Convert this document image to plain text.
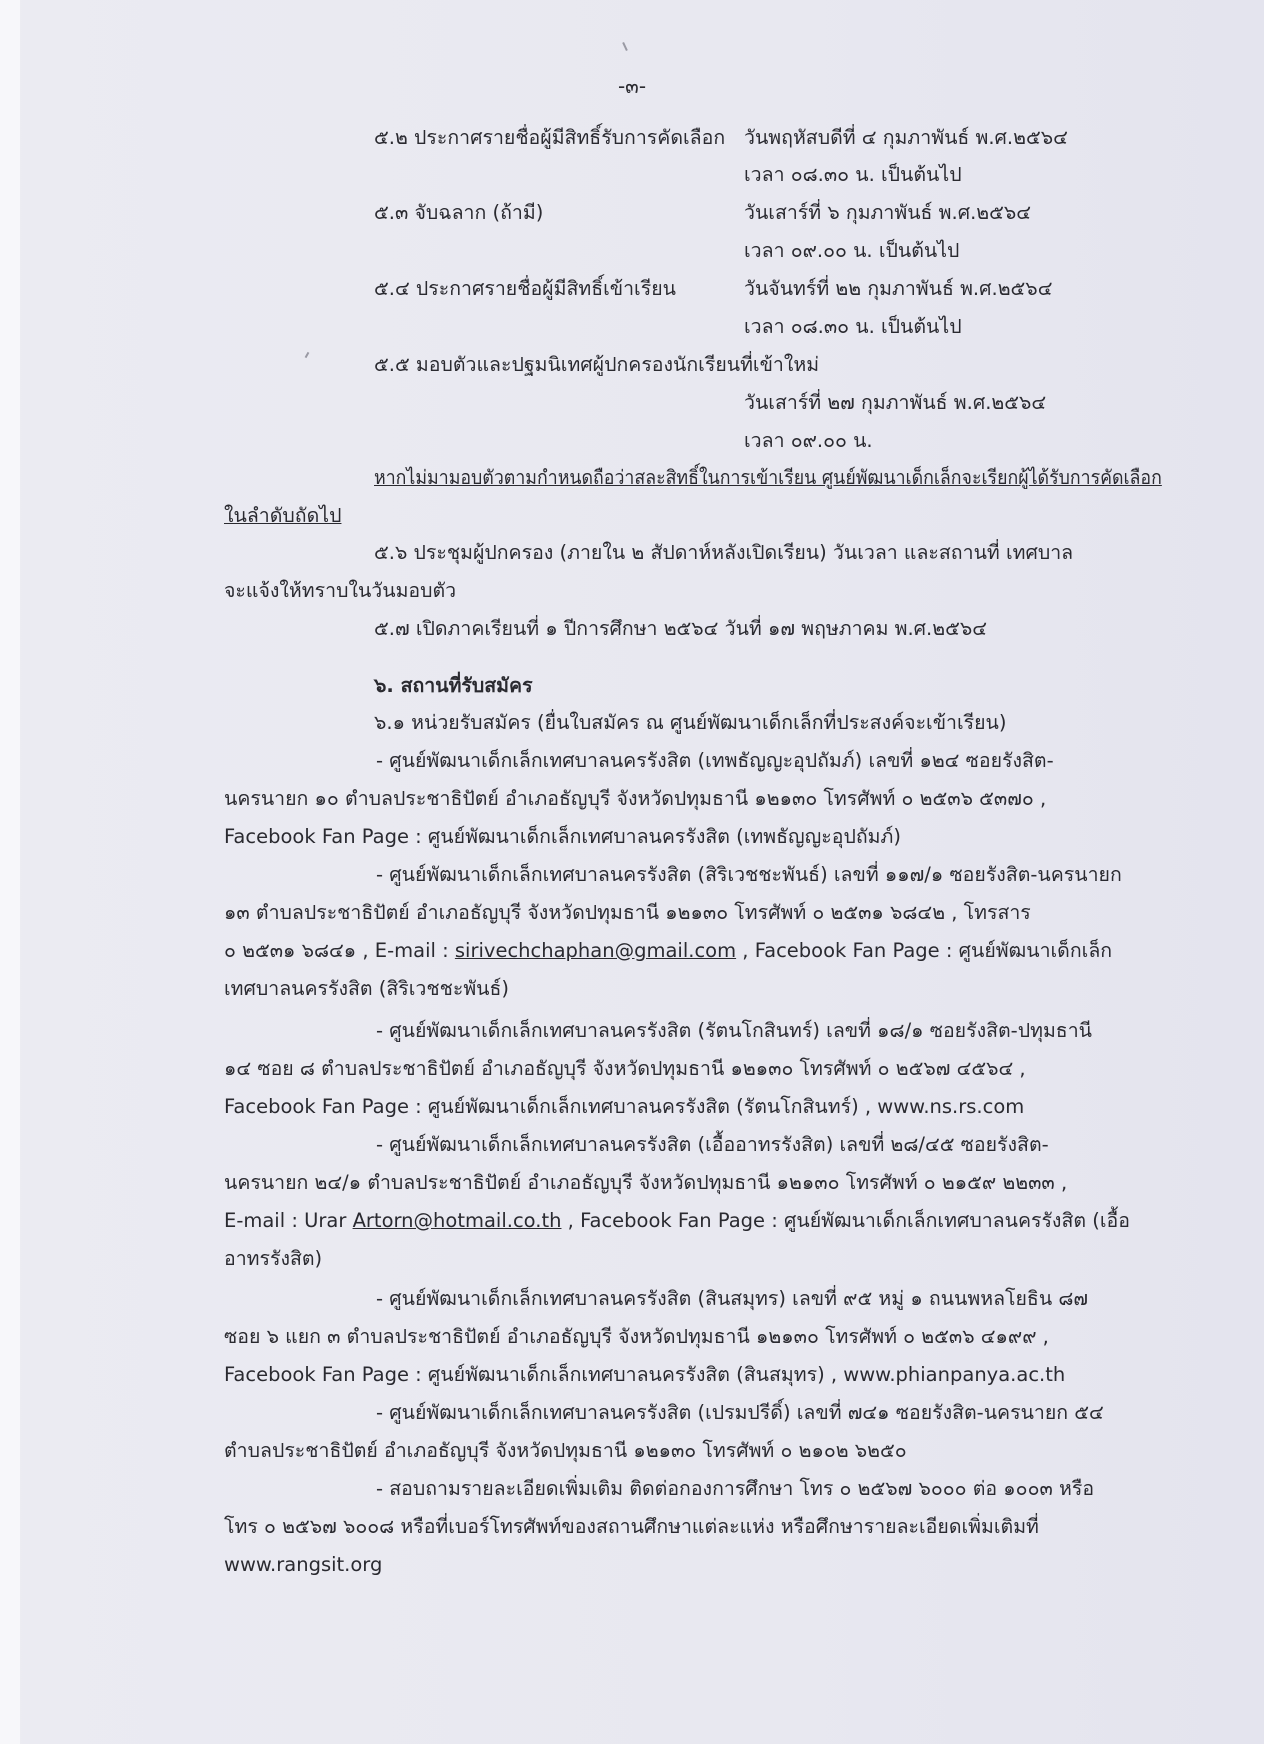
-๓-
๕.๒ ประกาศรายชื่อผู้มีสิทธิ์รับการคัดเลือก วันพฤหัสบดีที่ ๔ กุมภาพันธ์ พ.ศ.๒๕๖๔
เวลา ๐๘.๓๐ น. เป็นต้นไป
๕.๓ จับฉลาก (ถ้ามี)	วันเสาร์ที่ ๖ กุมภาพันธ์ พ.ศ.๒๕๖๔
เวลา ๐๙.๐๐ น. เป็นต้นไป
๕.๔ ประกาศรายชื่อผู้มีสิทธิ์เข้าเรียน	วันจันทร์ที่ ๒๒ กุมภาพันธ์ พ.ศ.๒๕๖๔
เวลา ๐๘.๓๐ น. เป็นต้นไป
๕.๕ มอบตัวและปฐมนิเทศผู้ปกครองนักเรียนที่เข้าใหม่
วันเสาร์ที่ ๒๗ กุมภาพันธ์ พ.ศ.๒๕๖๔
เวลา ๐๙.๐๐ น.
หากไม่มามอบตัวตามกำหนดถือว่าสละสิทธิ์ในการเข้าเรียน ศูนย์พัฒนาเด็กเล็กจะเรียกผู้ได้รับการคัดเลือก
ในลำดับถัดไป
๕.๖ ประชุมผู้ปกครอง (ภายใน ๒ สัปดาห์หลังเปิดเรียน) วันเวลา และสถานที่ เทศบาล
จะแจ้งให้ทราบในวันมอบตัว
๕.๗ เปิดภาคเรียนที่ ๑ ปีการศึกษา ๒๕๖๔ วันที่ ๑๗ พฤษภาคม พ.ศ.๒๕๖๔
๖. สถานที่รับสมัคร
๖.๑ หน่วยรับสมัคร (ยื่นใบสมัคร ณ ศูนย์พัฒนาเด็กเล็กที่ประสงค์จะเข้าเรียน)
- ศูนย์พัฒนาเด็กเล็กเทศบาลนครรังสิต (เทพธัญญะอุปถัมภ์) เลขที่ ๑๒๔ ซอยรังสิต-
นครนายก ๑๐ ตำบลประชาธิปัตย์ อำเภอธัญบุรี จังหวัดปทุมธานี ๑๒๑๓๐ โทรศัพท์ ๐ ๒๕๓๖ ๕๓๗๐ ,
Facebook Fan Page : ศูนย์พัฒนาเด็กเล็กเทศบาลนครรังสิต (เทพธัญญะอุปถัมภ์)
- ศูนย์พัฒนาเด็กเล็กเทศบาลนครรังสิต (สิริเวชชะพันธ์) เลขที่ ๑๑๗/๑ ซอยรังสิต-นครนายก
๑๓ ตำบลประชาธิปัตย์ อำเภอธัญบุรี จังหวัดปทุมธานี ๑๒๑๓๐ โทรศัพท์ ๐ ๒๕๓๑ ๖๘๔๒ , โทรสาร
๐ ๒๕๓๑ ๖๘๔๑ , E-mail : sirivechchaphan@gmail.com , Facebook Fan Page : ศูนย์พัฒนาเด็กเล็ก
เทศบาลนครรังสิต (สิริเวชชะพันธ์)
- ศูนย์พัฒนาเด็กเล็กเทศบาลนครรังสิต (รัตนโกสินทร์) เลขที่ ๑๘/๑ ซอยรังสิต-ปทุมธานี
๑๔ ซอย ๘ ตำบลประชาธิปัตย์ อำเภอธัญบุรี จังหวัดปทุมธานี ๑๒๑๓๐ โทรศัพท์ ๐ ๒๕๖๗ ๔๕๖๔ ,
Facebook Fan Page : ศูนย์พัฒนาเด็กเล็กเทศบาลนครรังสิต (รัตนโกสินทร์) , www.ns.rs.com
- ศูนย์พัฒนาเด็กเล็กเทศบาลนครรังสิต (เอื้ออาทรรังสิต) เลขที่ ๒๘/๔๕ ซอยรังสิต-
นครนายก ๒๔/๑ ตำบลประชาธิปัตย์ อำเภอธัญบุรี จังหวัดปทุมธานี ๑๒๑๓๐ โทรศัพท์ ๐ ๒๑๕๙ ๒๒๓๓ ,
E-mail : Urar Artorn@hotmail.co.th , Facebook Fan Page : ศูนย์พัฒนาเด็กเล็กเทศบาลนครรังสิต (เอื้อ
อาทรรังสิต)
- ศูนย์พัฒนาเด็กเล็กเทศบาลนครรังสิต (สินสมุทร) เลขที่ ๙๕ หมู่ ๑ ถนนพหลโยธิน ๘๗
ซอย ๖ แยก ๓ ตำบลประชาธิปัตย์ อำเภอธัญบุรี จังหวัดปทุมธานี ๑๒๑๓๐ โทรศัพท์ ๐ ๒๕๓๖ ๔๑๙๙ ,
Facebook Fan Page : ศูนย์พัฒนาเด็กเล็กเทศบาลนครรังสิต (สินสมุทร) , www.phianpanya.ac.th
- ศูนย์พัฒนาเด็กเล็กเทศบาลนครรังสิต (เปรมปรีดิ์) เลขที่ ๗๔๑ ซอยรังสิต-นครนายก ๕๔
ตำบลประชาธิปัตย์ อำเภอธัญบุรี จังหวัดปทุมธานี ๑๒๑๓๐ โทรศัพท์ ๐ ๒๑๐๒ ๖๒๕๐
- สอบถามรายละเอียดเพิ่มเติม ติดต่อกองการศึกษา โทร ๐ ๒๕๖๗ ๖๐๐๐ ต่อ ๑๐๐๓ หรือ
โทร ๐ ๒๕๖๗ ๖๐๐๘ หรือที่เบอร์โทรศัพท์ของสถานศึกษาแต่ละแห่ง หรือศึกษารายละเอียดเพิ่มเติมที่
www.rangsit.org
